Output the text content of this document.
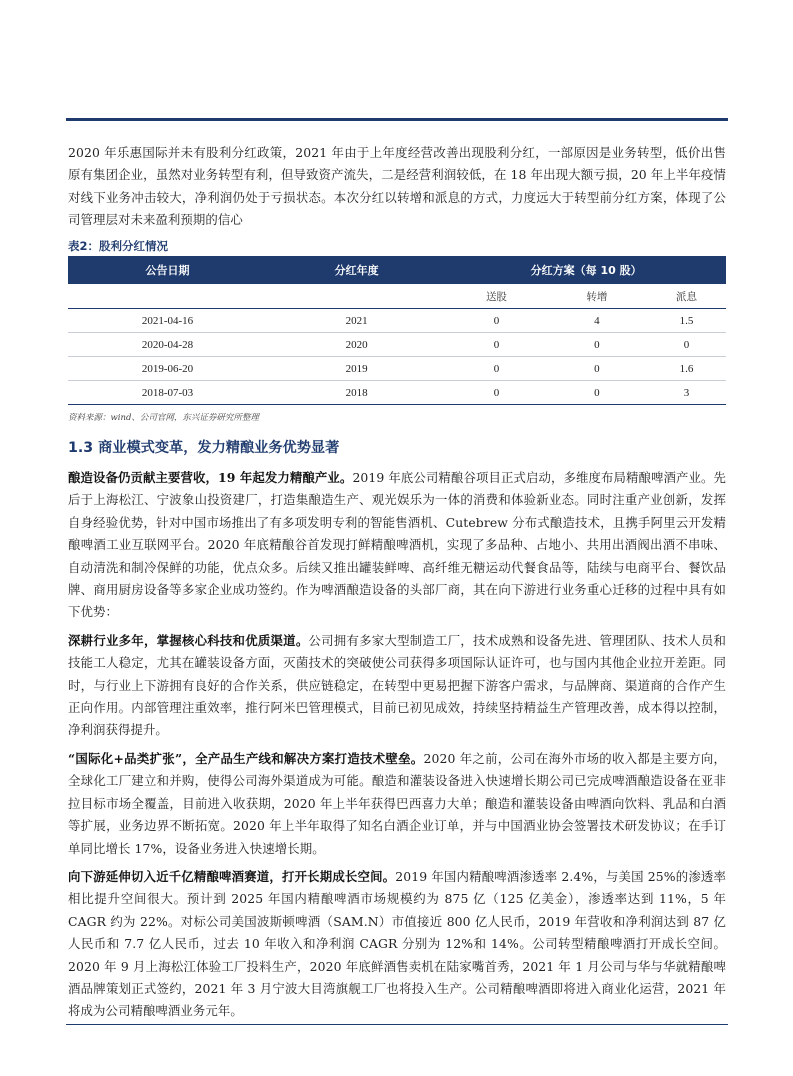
2020 年乐惠国际并未有股利分红政策，2021 年由于上年度经营改善出现股利分红，一部原因是业务转型，低价出售原有集团企业，虽然对业务转型有利，但导致资产流失，二是经营利润较低，在 18 年出现大额亏损，20 年上半年疫情对线下业务冲击较大，净利润仍处于亏损状态。本次分红以转增和派息的方式，力度远大于转型前分红方案，体现了公司管理层对未来盈利预期的信心

表2：股利分红情况
公告日期	分红年度	分红方案（每 10 股）		
		送股	转增	派息
2021-04-16	2021	0	4	1.5
2020-04-28	2020	0	0	0
2019-06-20	2019	0	0	1.6
2018-07-03	2018	0	0	3
资料来源：wind、公司官网，东兴证券研究所整理
1.3 商业模式变革，发力精酿业务优势显著

酿造设备仍贡献主要营收，19 年起发力精酿产业。2019 年底公司精酿谷项目正式启动，多维度布局精酿啤酒产业。先后于上海松江、宁波象山投资建厂，打造集酿造生产、观光娱乐为一体的消费和体验新业态。同时注重产业创新，发挥自身经验优势，针对中国市场推出了有多项发明专利的智能售酒机、Cutebrew 分布式酿造技术，且携手阿里云开发精酿啤酒工业互联网平台。2020 年底精酿谷首发现打鲜精酿啤酒机，实现了多品种、占地小、共用出酒阀出酒不串味、自动清洗和制冷保鲜的功能，优点众多。后续又推出罐装鲜啤、高纤维无糖运动代餐食品等，陆续与电商平台、餐饮品牌、商用厨房设备等多家企业成功签约。作为啤酒酿造设备的头部厂商，其在向下游进行业务重心迁移的过程中具有如下优势：

深耕行业多年，掌握核心科技和优质渠道。公司拥有多家大型制造工厂，技术成熟和设备先进、管理团队、技术人员和技能工人稳定，尤其在罐装设备方面，灭菌技术的突破使公司获得多项国际认证许可，也与国内其他企业拉开差距。同时，与行业上下游拥有良好的合作关系，供应链稳定，在转型中更易把握下游客户需求，与品牌商、渠道商的合作产生正向作用。内部管理注重效率，推行阿米巴管理模式，目前已初见成效，持续坚持精益生产管理改善，成本得以控制，净利润获得提升。

“国际化+品类扩张”，全产品生产线和解决方案打造技术壁垒。2020 年之前，公司在海外市场的收入都是主要方向，全球化工厂建立和并购，使得公司海外渠道成为可能。酿造和灌装设备进入快速增长期公司已完成啤酒酿造设备在亚非拉目标市场全覆盖，目前进入收获期，2020 年上半年获得巴西喜力大单；酿造和灌装设备由啤酒向饮料、乳品和白酒等扩展，业务边界不断拓宽。2020 年上半年取得了知名白酒企业订单，并与中国酒业协会签署技术研发协议；在手订单同比增长 17%，设备业务进入快速增长期。

向下游延伸切入近千亿精酿啤酒赛道，打开长期成长空间。2019 年国内精酿啤酒渗透率 2.4%，与美国 25%的渗透率相比提升空间很大。预计到 2025 年国内精酿啤酒市场规模约为 875 亿（125 亿美金），渗透率达到 11%，5 年 CAGR 约为 22%。对标公司美国波斯顿啤酒（SAM.N）市值接近 800 亿人民币，2019 年营收和净利润达到 87 亿人民币和 7.7 亿人民币，过去 10 年收入和净利润 CAGR 分别为 12%和 14%。公司转型精酿啤酒打开成长空间。2020 年 9 月上海松江体验工厂投料生产，2020 年底鲜酒售卖机在陆家嘴首秀，2021 年 1 月公司与华与华就精酿啤酒品牌策划正式签约，2021 年 3 月宁波大目湾旗舰工厂也将投入生产。公司精酿啤酒即将进入商业化运营，2021 年将成为公司精酿啤酒业务元年。
